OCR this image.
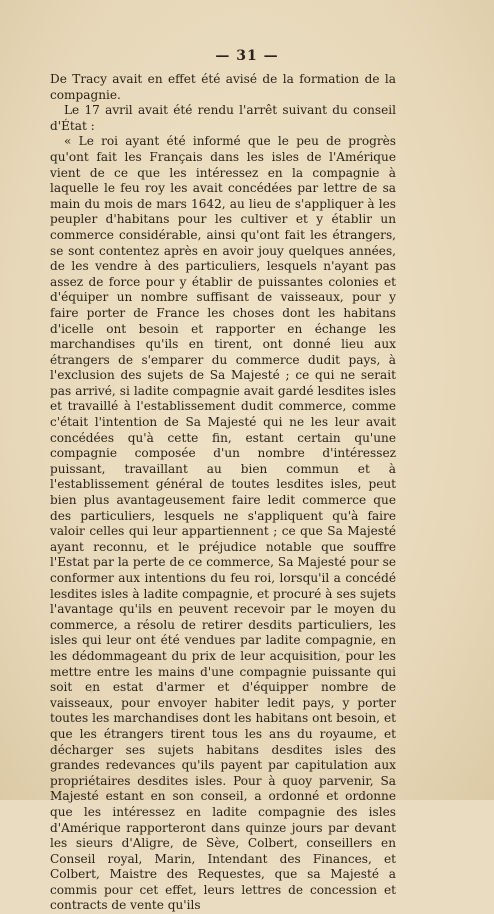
— 31 —

De Tracy avait en effet été avisé de la formation de la compagnie.

Le 17 avril avait été rendu l'arrêt suivant du conseil d'État :

« Le roi ayant été informé que le peu de progrès qu'ont fait les Français dans les isles de l'Amérique vient de ce que les intéressez en la compagnie à laquelle le feu roy les avait concédées par lettre de sa main du mois de mars 1642, au lieu de s'appliquer à les peupler d'habitans pour les cultiver et y établir un commerce considérable, ainsi qu'ont fait les étrangers, se sont contentez après en avoir jouy quelques années, de les vendre à des particuliers, lesquels n'ayant pas assez de force pour y établir de puissantes colonies et d'équiper un nombre suffisant de vaisseaux, pour y faire porter de France les choses dont les habitans d'icelle ont besoin et rapporter en échange les marchandises qu'ils en tirent, ont donné lieu aux étrangers de s'emparer du commerce dudit pays, à l'exclusion des sujets de Sa Majesté ; ce qui ne serait pas arrivé, si ladite compagnie avait gardé lesdites isles et travaillé à l'establissement dudit commerce, comme c'était l'intention de Sa Majesté qui ne les leur avait concédées qu'à cette fin, estant certain qu'une compagnie composée d'un nombre d'intéressez puissant, travaillant au bien commun et à l'establissement général de toutes lesdites isles, peut bien plus avantageusement faire ledit commerce que des particuliers, lesquels ne s'appliquent qu'à faire valoir celles qui leur appartiennent ; ce que Sa Majesté ayant reconnu, et le préjudice notable que souffre l'Estat par la perte de ce commerce, Sa Majesté pour se conformer aux intentions du feu roi, lorsqu'il a concédé lesdites isles à ladite compagnie, et procuré à ses sujets l'avantage qu'ils en peuvent recevoir par le moyen du commerce, a résolu de retirer desdits particuliers, les isles qui leur ont été vendues par ladite compagnie, en les dédommageant du prix de leur acquisition, pour les mettre entre les mains d'une compagnie puissante qui soit en estat d'armer et d'équipper nombre de vaisseaux, pour envoyer habiter ledit pays, y porter toutes les marchandises dont les habitans ont besoin, et que les étrangers tirent tous les ans du royaume, et décharger ses sujets habitans desdites isles des grandes redevances qu'ils payent par capitulation aux propriétaires desdites isles. Pour à quoy parvenir, Sa Majesté estant en son conseil, a ordonné et ordonne que les intéressez en ladite compagnie des isles d'Amérique rapporteront dans quinze jours par devant les sieurs d'Aligre, de Sève, Colbert, conseillers en Conseil royal, Marin, Intendant des Finances, et Colbert, Maistre des Requestes, que sa Majesté a commis pour cet effet, leurs lettres de concession et contracts de vente qu'ils
